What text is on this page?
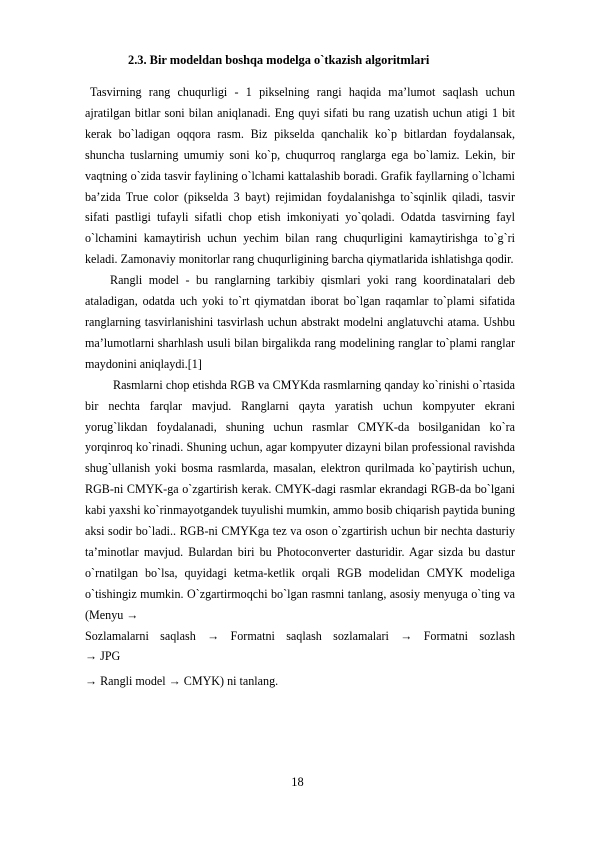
2.3. Bir modeldan boshqa modelga o`tkazish algoritmlari

Tasvirning rang chuqurligi - 1 pikselning rangi haqida ma’lumot saqlash uchun ajratilgan bitlar soni bilan aniqlanadi. Eng quyi sifati bu rang uzatish uchun atigi 1 bit kerak bo`ladigan oqqora rasm. Biz pikselda qanchalik ko`p bitlardan foydalansak, shuncha tuslarning umumiy soni ko`p, chuqurroq ranglarga ega bo`lamiz. Lekin, bir vaqtning o`zida tasvir faylining o`lchami kattalashib boradi. Grafik fayllarning o`lchami ba’zida True color (pikselda 3 bayt) rejimidan foydalanishga to`sqinlik qiladi, tasvir sifati pastligi tufayli sifatli chop etish imkoniyati yo`qoladi. Odatda tasvirning fayl o`lchamini kamaytirish uchun yechim bilan rang chuqurligini kamaytirishga to`g`ri keladi. Zamonaviy monitorlar rang chuqurligining barcha qiymatlarida ishlatishga qodir.

Rangli model - bu ranglarning tarkibiy qismlari yoki rang koordinatalari deb ataladigan, odatda uch yoki to`rt qiymatdan iborat bo`lgan raqamlar to`plami sifatida ranglarning tasvirlanishini tasvirlash uchun abstrakt modelni anglatuvchi atama. Ushbu ma’lumotlarni sharhlash usuli bilan birgalikda rang modelining ranglar to`plami ranglar maydonini aniqlaydi.[1]

Rasmlarni chop etishda RGB va CMYKda rasmlarning qanday ko`rinishi o`rtasida bir nechta farqlar mavjud. Ranglarni qayta yaratish uchun kompyuter ekrani yorug`likdan foydalanadi, shuning uchun rasmlar CMYK-da bosilganidan ko`ra yorqinroq ko`rinadi. Shuning uchun, agar kompyuter dizayni bilan professional ravishda shug`ullanish yoki bosma rasmlarda, masalan, elektron qurilmada ko`paytirish uchun, RGB-ni CMYK-ga o`zgartirish kerak. CMYK-dagi rasmlar ekrandagi RGB-da bo`lgani kabi yaxshi ko`rinmayotgandek tuyulishi mumkin, ammo bosib chiqarish paytida buning aksi sodir bo`ladi.. RGB-ni CMYKga tez va oson o`zgartirish uchun bir nechta dasturiy ta’minotlar mavjud. Bulardan biri bu Photoconverter dasturidir. Agar sizda bu dastur o`rnatilgan bo`lsa, quyidagi ketma-ketlik orqali RGB modelidan CMYK modeliga o`tishingiz mumkin. O`zgartirmoqchi bo`lgan rasmni tanlang, asosiy menyuga o`ting va (Menyu →

Sozlamalarni saqlash → Formatni saqlash sozlamalari → Formatni sozlash

→ JPG

→ Rangli model → CMYK) ni tanlang.

18
